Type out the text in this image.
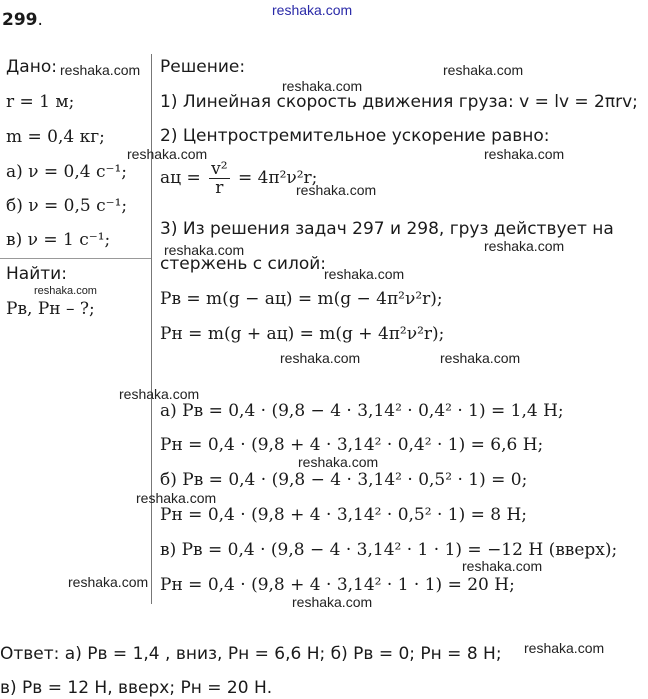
299.	reshaka.com
Дано:
r = 1 м;
m = 0,4 кг;
а) ν = 0,4 с⁻¹;
б) ν = 0,5 с⁻¹;
в) ν = 1 с⁻¹;
Найти:
Pв, Pн – ?;
Решение:
1) Линейная скорость движения груза: v = lv = 2πrv;
2) Центростремительное ускорение равно:
aц = $\frac{\text{v²}}{r} = 4\pi^2\nu^2r$;
3) Из решения задач 297 и 298, груз действует на
стержень с силой:
Pв = m(g − aц) = m(g − 4π²ν²r);
Pн = m(g + aц) = m(g + 4π²ν²r);
а) Pв = 0,4 · (9,8 − 4 · 3,14² · 0,4² · 1) = 1,4 Н;
Pн = 0,4 · (9,8 + 4 · 3,14² · 0,4² · 1) = 6,6 Н;
б) Pв = 0,4 · (9,8 − 4 · 3,14² · 0,5² · 1) = 0;
Pн = 0,4 · (9,8 + 4 · 3,14² · 0,5² · 1) = 8 Н;
в) Pв = 0,4 · (9,8 − 4 · 3,14² · 1 · 1) = −12 Н (вверх);
Pн = 0,4 · (9,8 + 4 · 3,14² · 1 · 1) = 20 Н;
Ответ: а) Pв = 1,4 , вниз, Pн = 6,6 Н; б) Pв = 0; Pн = 8 Н;
в) Pв = 12 Н, вверх; Pн = 20 Н.
reshaka.com
reshaka.com
reshaka.com
reshaka.com	reshaka.com
reshaka.com
reshaka.com	reshaka.com
reshaka.com
reshaka.com
reshaka.com	reshaka.com
reshaka.com
reshaka.com
reshaka.com
reshaka.com
reshaka.com
reshaka.com
reshaka.com
